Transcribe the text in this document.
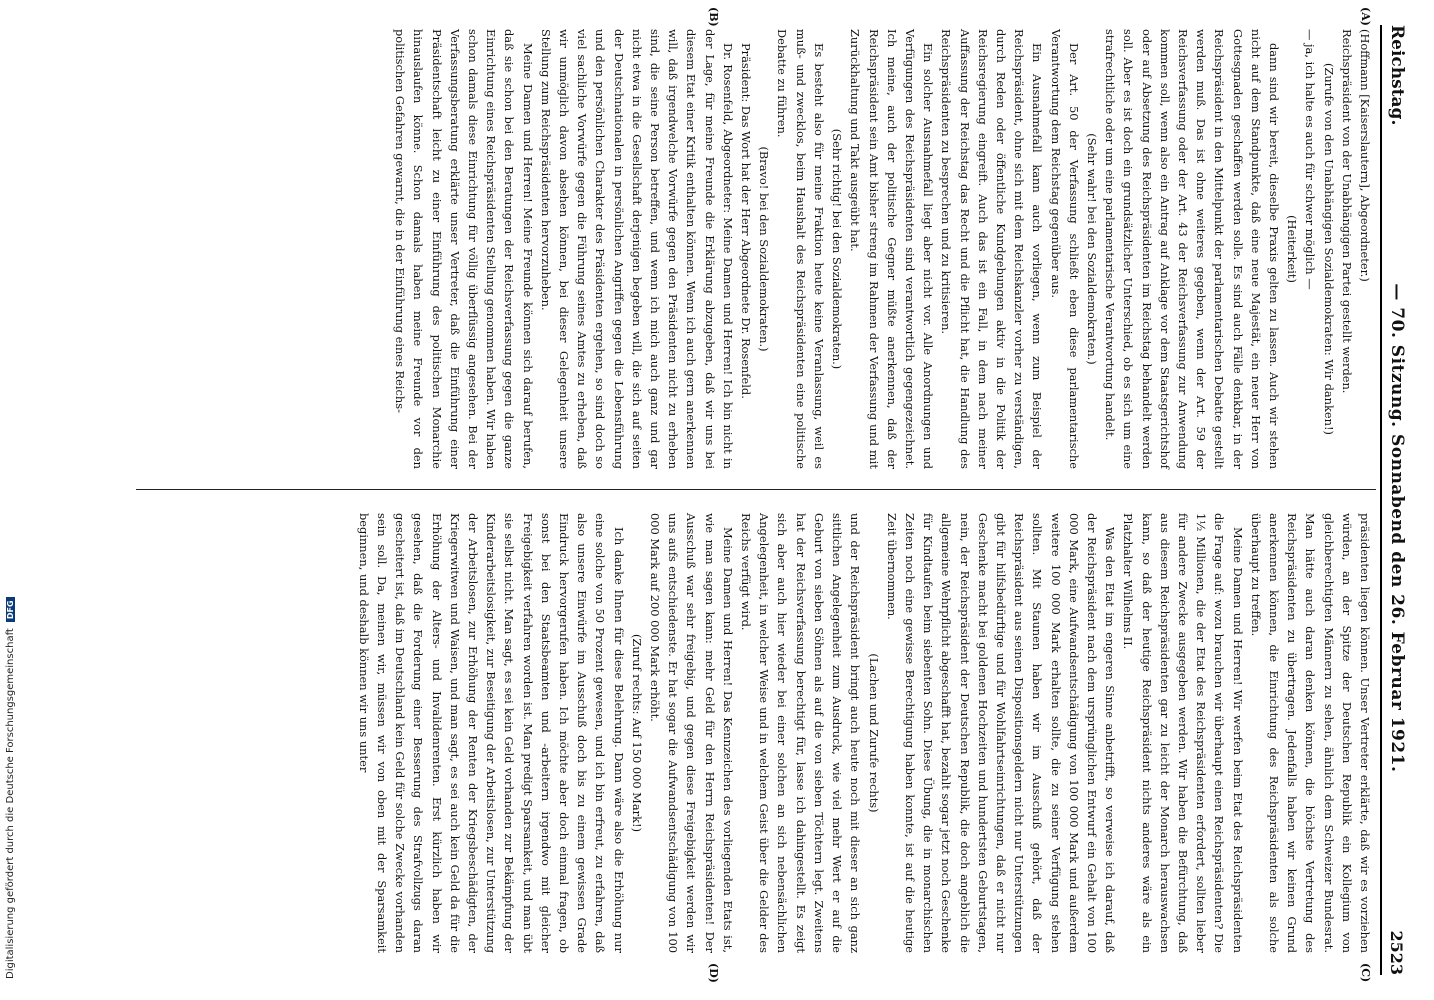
Digitalisierung gefördert durch die Deutsche Forschungsgemeinschaft
DFG
Reichstag.
— 70. Sitzung. Sonnabend den 26. Februar 1921.
2523
(A)
(B)
(C)
(D)

(Hoffmann [Kaiserslautern], Abgeordneter.)

Reichspräsident von der Unabhängigen Partei gestellt werden.

(Zurufe von den Unabhängigen Sozialdemokraten: Wir danken!)

— ja, ich halte es auch für schwer möglich —

(Heiterkeit)

dann sind wir bereit, dieselbe Praxis gelten zu lassen. Auch wir stehen nicht auf dem Standpunkte, daß eine neue Majestät, ein neuer Herr von Gottesgnaden geschaffen werden solle. Es sind auch Fälle denkbar, in der Reichspräsident in den Mittelpunkt der parlamentarischen Debatte gestellt werden muß. Das ist ohne weiteres gegeben, wenn der Art. 59 der Reichsverfassung oder der Art. 43 der Reichsverfassung zur Anwendung kommen soll, wenn also ein Antrag auf Anklage vor dem Staatsgerichtshof oder auf Absetzung des Reichspräsidenten im Reichstag behandelt werden soll. Aber es ist doch ein grundsätzlicher Unterschied, ob es sich um eine strafrechtliche oder um eine parlamentarische Verantwortung handelt.

(Sehr wahr! bei den Sozialdemokraten.)

Der Art. 50 der Verfassung schließt eben diese parlamentarische Verantwortung dem Reichstag gegenüber aus.

Ein Ausnahmefall kann auch vorliegen, wenn zum Beispiel der Reichspräsident, ohne sich mit dem Reichskanzler vorher zu verständigen, durch Reden oder öffentliche Kundgebungen aktiv in die Politik der Reichsregierung eingreift. Auch das ist ein Fall, in dem nach meiner Auffassung der Reichstag das Recht und die Pflicht hat, die Handlung des Reichspräsidenten zu besprechen und zu kritisieren.

Ein solcher Ausnahmefall liegt aber nicht vor. Alle Anordnungen und Verfügungen des Reichspräsidenten sind verantwortlich gegengezeichnet. Ich meine, auch der politische Gegner müßte anerkennen, daß der Reichspräsident sein Amt bisher streng im Rahmen der Verfassung und mit Zurückhaltung und Takt ausgeübt hat.

(Sehr richtig! bei den Sozialdemokraten.)

Es besteht also für meine Fraktion heute keine Veranlassung, weil es muß- und zwecklos, beim Haushalt des Reichspräsidenten eine politische Debatte zu führen.

(Bravo! bei den Sozialdemokraten.)

Präsident: Das Wort hat der Herr Abgeordnete Dr. Rosenfeld.

Dr. Rosenfeld, Abgeordneter: Meine Damen und Herren! Ich bin nicht in der Lage, für meine Freunde die Erklärung abzugeben, daß wir uns bei diesem Etat einer Kritik enthalten können. Wenn ich auch gern anerkennen will, daß irgendwelche Vorwürfe gegen den Präsidenten nicht zu erheben sind, die seine Person betreffen, und wenn ich mich auch ganz und gar nicht etwa in die Gesellschaft derjenigen begeben will, die sich auf seiten der Deutschnationalen in persönlichen Angriffen gegen die Lebensführung und den persönlichen Charakter des Präsidenten ergehen, so sind doch so viel sachliche Vorwürfe gegen die Führung seines Amtes zu erheben, daß wir unmöglich davon absehen können, bei dieser Gelegenheit unsere Stellung zum Reichspräsidenten hervorzuheben.

Meine Damen und Herren! Meine Freunde können sich darauf berufen, daß sie schon bei den Beratungen der Reichsverfassung gegen die ganze Einrichtung eines Reichspräsidenten Stellung genommen haben. Wir haben schon damals diese Einrichtung für völlig überflüssig angesehen. Bei der Verfassungsberatung erklärte unser Vertreter, daß die Einführung einer Präsidentschaft leicht zu einer Einführung des politischen Monarchie hinauslaufen könne. Schon damals haben meine Freunde vor den politischen Gefahren gewarnt, die in der Einführung eines Reichs-

präsidenten liegen können. Unser Vertreter erklärte, daß wir es vorziehen würden, an der Spitze der Deutschen Republik ein Kollegium von gleichberechtigten Männern zu sehen, ähnlich dem Schweizer Bundesrat. Man hätte auch daran denken können, die höchste Vertretung des Reichspräsidenten zu übertragen. Jedenfalls haben wir keinen Grund anerkennen können, die Einrichtung des Reichspräsidenten als solche überhaupt zu treffen.

Meine Damen und Herren! Wir werfen beim Etat des Reichspräsidenten die Frage auf: wozu brauchen wir überhaupt einen Reichspräsidenten? Die 1½ Millionen, die der Etat des Reichspräsidenten erfordert, sollten lieber für andere Zwecke ausgegeben werden. Wir haben die Befürchtung, daß aus diesem Reichspräsidenten gar zu leicht der Monarch herauswachsen kann, so daß der heutige Reichspräsident nichts anderes wäre als ein Platzhalter Wilhelms II.

Was den Etat im engeren Sinne anbetrifft, so verweise ich darauf, daß der Reichspräsident nach dem ursprünglichen Entwurf ein Gehalt von 100 000 Mark, eine Aufwandsentschädigung von 100 000 Mark und außerdem weitere 100 000 Mark erhalten sollte, die zu seiner Verfügung stehen sollten. Mit Staunen haben wir im Ausschuß gehört, daß der Reichspräsident aus seinen Dispositionsgeldern nicht nur Unterstützungen gibt für hilfsbedürftige und für Wohlfahrtseinrichtungen, daß er nicht nur Geschenke macht bei goldenen Hochzeiten und hundertsten Geburtstagen, nein, der Reichspräsident der Deutschen Republik, die doch angeblich die allgemeine Wehrpflicht abgeschafft hat, bezahlt sogar jetzt noch Geschenke für Kindtaufen beim siebenten Sohn. Diese Übung, die in monarchischen Zeiten noch eine gewisse Berechtigung haben konnte, ist auf die heutige Zeit übernommen.

(Lachen und Zurufe rechts)

und der Reichspräsident bringt auch heute noch mit dieser an sich ganz sittlichen Angelegenheit zum Ausdruck, wie viel mehr Wert er auf die Geburt von sieben Söhnen als auf die von sieben Töchtern legt. Zweitens hat der Reichsverfassung berechtigt für, lasse ich dahingestellt. Es zeigt sich aber auch hier wieder bei einer solchen an sich nebensächlichen Angelegenheit, in welcher Weise und in welchem Geist über die Gelder des Reichs verfügt wird.

Meine Damen und Herren! Das Kennzeichen des vorliegenden Etats ist, wie man sagen kann: mehr Geld für den Herrn Reichspräsidenten! Der Ausschuß war sehr freigebig, und gegen diese Freigebigkeit werden wir uns aufs entschiedenste. Er hat sogar die Aufwandsentschädigung von 100 000 Mark auf 200 000 Mark erhöht.

(Zuruf rechts: Auf 150 000 Mark!)

Ich danke Ihnen für diese Belehrung. Dann wäre also die Erhöhung nur eine solche von 50 Prozent gewesen, und ich bin erfreut, zu erfahren, daß also unsere Einwürfe im Ausschuß doch bis zu einem gewissen Grade Eindruck hervorgerufen haben. Ich möchte aber doch einmal fragen, ob sonst bei den Staatsbeamten und -arbeitern irgendwo mit gleicher Freigebigkeit verfahren worden ist. Man predigt Sparsamkeit, und man übt sie selbst nicht. Man sagt, es sei kein Geld vorhanden zur Bekämpfung der Kinderarbeitslosigkeit, zur Beseitigung der Arbeitslosen, zur Unterstützung der Arbeitslosen, zur Erhöhung der Renten der Kriegsbeschädigten, der Kriegerwitwen und Waisen, und man sagt, es sei auch kein Geld da für die Erhöhung der Alters- und Invalidenrenten. Erst kürzlich haben wir gesehen, daß die Forderung einer Besserung des Strafvollzugs daran gescheitert ist, daß im Deutschland kein Geld für solche Zwecke vorhanden sein soll. Da, meinen wir, müssen wir von oben mit der Sparsamkeit beginnen, und deshalb können wir uns unter
